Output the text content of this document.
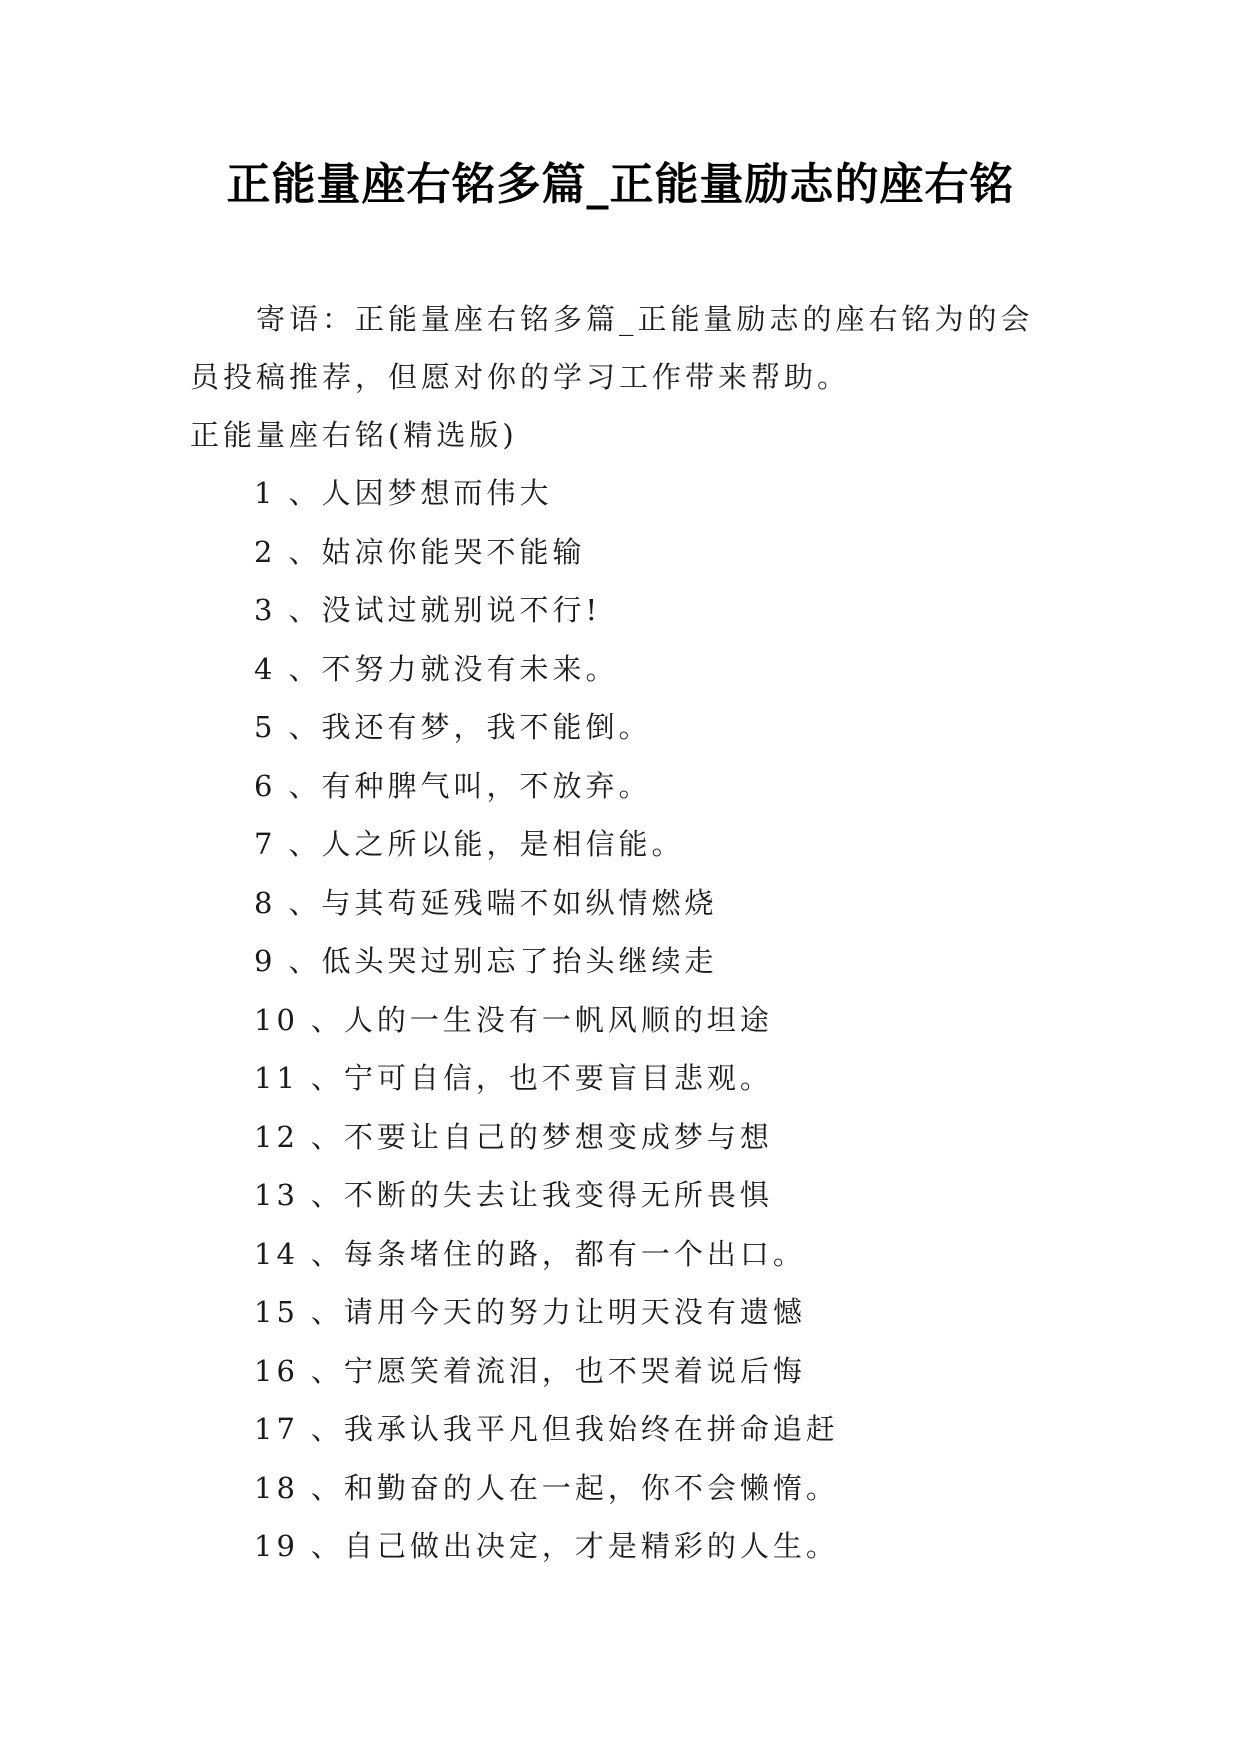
正能量座右铭多篇_正能量励志的座右铭

寄语：正能量座右铭多篇_正能量励志的座右铭为的会员投稿推荐，但愿对你的学习工作带来帮助。

正能量座右铭(精选版)

1 、人因梦想而伟大
2 、姑凉你能哭不能输
3 、没试过就别说不行!
4 、不努力就没有未来。
5 、我还有梦，我不能倒。
6 、有种脾气叫，不放弃。
7 、人之所以能，是相信能。
8 、与其苟延残喘不如纵情燃烧
9 、低头哭过别忘了抬头继续走
10 、人的一生没有一帆风顺的坦途
11 、宁可自信，也不要盲目悲观。
12 、不要让自己的梦想变成梦与想
13 、不断的失去让我变得无所畏惧
14 、每条堵住的路，都有一个出口。
15 、请用今天的努力让明天没有遗憾
16 、宁愿笑着流泪，也不哭着说后悔
17 、我承认我平凡但我始终在拼命追赶
18 、和勤奋的人在一起，你不会懒惰。
19 、自己做出决定，才是精彩的人生。
